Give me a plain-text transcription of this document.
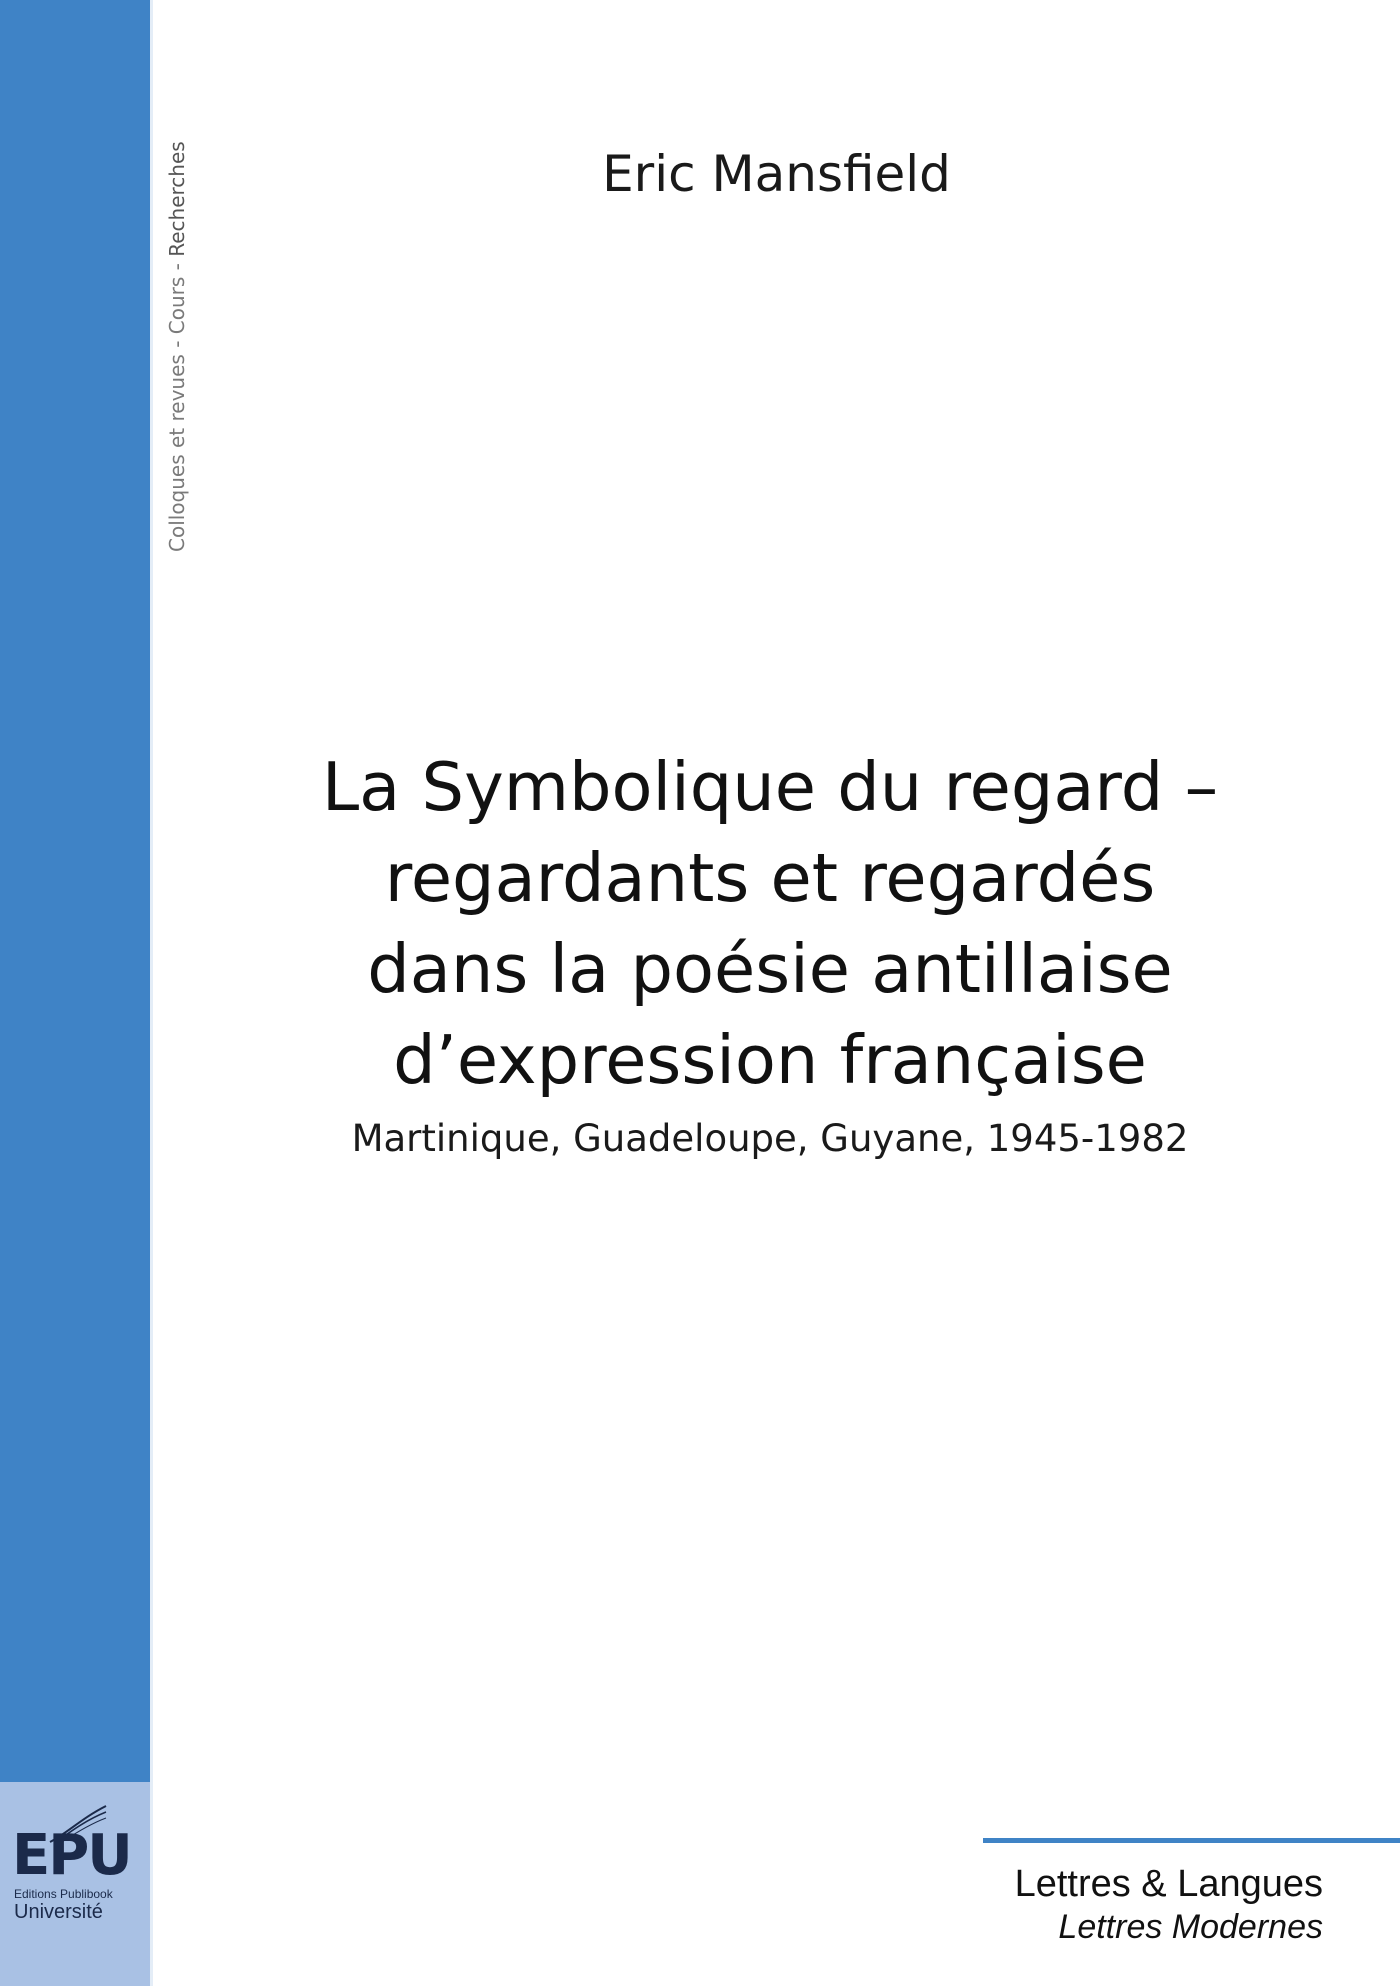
Colloques et revues - Cours - Recherches
EPU
Editions Publibook
Université
Eric Mansfield
La Symbolique du regard –
regardants et regardés
dans la poésie antillaise
d’expression française
Martinique, Guadeloupe, Guyane, 1945-1982
Lettres & Langues
Lettres Modernes
